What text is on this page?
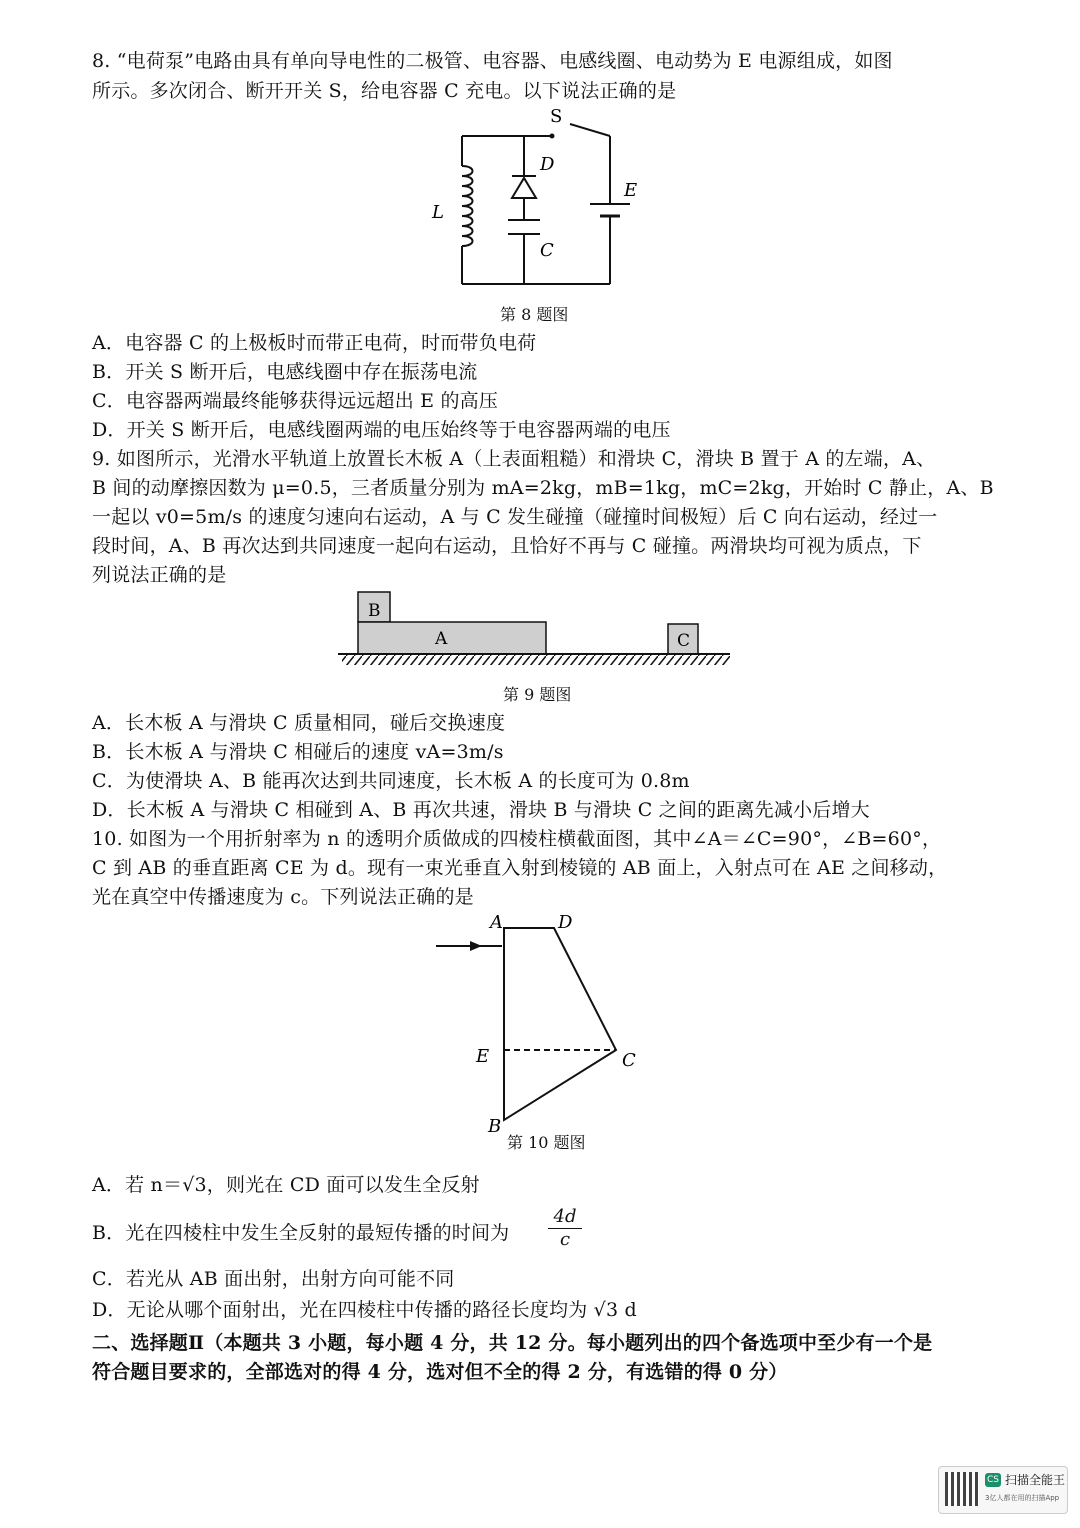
8. “电荷泵”电路由具有单向导电性的二极管、电容器、电感线圈、电动势为 E 电源组成，如图
所示。多次闭合、断开开关 S，给电容器 C 充电。以下说法正确的是
S
D
E
L
C
第 8 题图
A．电容器 C 的上极板时而带正电荷，时而带负电荷
B．开关 S 断开后，电感线圈中存在振荡电流
C．电容器两端最终能够获得远远超出 E 的高压
D．开关 S 断开后，电感线圈两端的电压始终等于电容器两端的电压
9. 如图所示，光滑水平轨道上放置长木板 A（上表面粗糙）和滑块 C，滑块 B 置于 A 的左端，A、
B 间的动摩擦因数为 μ=0.5，三者质量分别为 mA=2kg，mB=1kg，mC=2kg，开始时 C 静止，A、B
一起以 v0=5m/s 的速度匀速向右运动，A 与 C 发生碰撞（碰撞时间极短）后 C 向右运动，经过一
段时间，A、B 再次达到共同速度一起向右运动，且恰好不再与 C 碰撞。两滑块均可视为质点，下
列说法正确的是
B
A	C
第 9 题图
A．长木板 A 与滑块 C 质量相同，碰后交换速度
B．长木板 A 与滑块 C 相碰后的速度 vA=3m/s
C．为使滑块 A、B 能再次达到共同速度，长木板 A 的长度可为 0.8m
D．长木板 A 与滑块 C 相碰到 A、B 再次共速，滑块 B 与滑块 C 之间的距离先减小后增大
10. 如图为一个用折射率为 n 的透明介质做成的四棱柱横截面图，其中∠A＝∠C=90°，∠B=60°，
C 到 AB 的垂直距离 CE 为 d。现有一束光垂直入射到棱镜的 AB 面上，入射点可在 AE 之间移动，
光在真空中传播速度为 c。下列说法正确的是
A	D
C
E
B
第 10 题图
A．若 n＝√3，则光在 CD 面可以发生全反射
B．光在四棱柱中发生全反射的最短传播的时间为 $\frac{4d}{c}$
C．若光从 AB 面出射，出射方向可能不同
D．无论从哪个面射出，光在四棱柱中传播的路径长度均为 √3 d
二、选择题Ⅱ（本题共 3 小题，每小题 4 分，共 12 分。每小题列出的四个备选项中至少有一个是
符合题目要求的，全部选对的得 4 分，选对但不全的得 2 分，有选错的得 0 分）
CS 扫描全能王
3亿人都在用的扫描App
